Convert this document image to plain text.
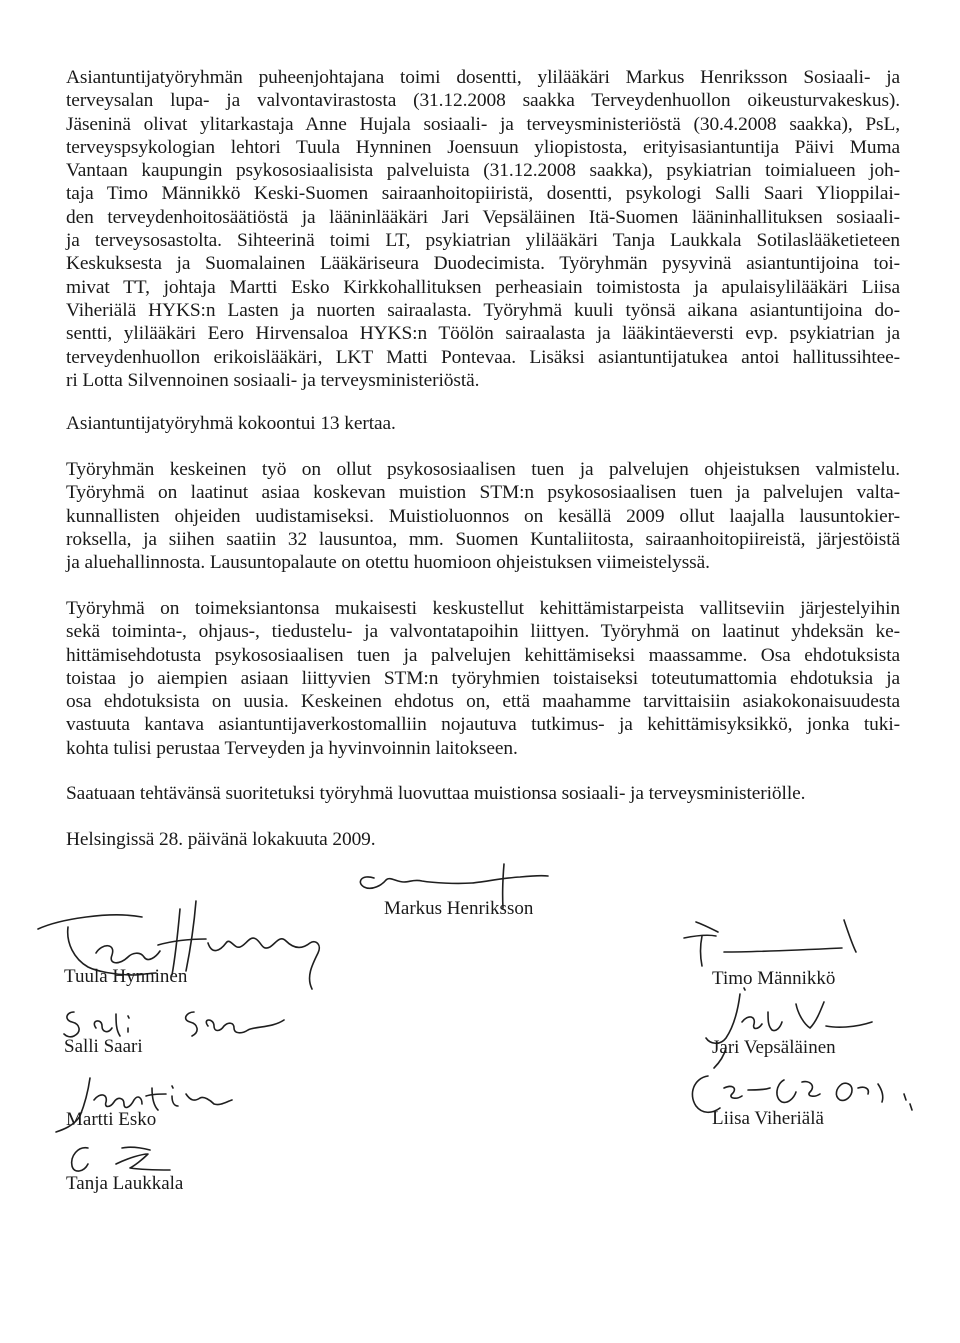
Asiantuntijatyöryhmän puheenjohtajana toimi dosentti, ylilääkäri Markus Henriksson Sosiaali- ja
terveysalan lupa- ja valvontavirastosta (31.12.2008 saakka Terveydenhuollon oikeusturvakeskus).
Jäseninä olivat ylitarkastaja Anne Hujala sosiaali- ja terveysministeriöstä (30.4.2008 saakka), PsL,
terveyspsykologian lehtori Tuula Hynninen Joensuun yliopistosta, erityisasiantuntija Päivi Muma
Vantaan kaupungin psykososiaalisista palveluista (31.12.2008 saakka), psykiatrian toimialueen joh-
taja Timo Männikkö Keski-Suomen sairaanhoitopiiristä, dosentti, psykologi Salli Saari Ylioppilai-
den terveydenhoitosäätiöstä ja lääninlääkäri Jari Vepsäläinen Itä-Suomen lääninhallituksen sosiaali-
ja terveysosastolta. Sihteerinä toimi LT, psykiatrian ylilääkäri Tanja Laukkala Sotilaslääketieteen
Keskuksesta ja Suomalainen Lääkäriseura Duodecimista. Työryhmän pysyvinä asiantuntijoina toi-
mivat TT, johtaja Martti Esko Kirkkohallituksen perheasiain toimistosta ja apulaisylilääkäri Liisa
Viheriälä HYKS:n Lasten ja nuorten sairaalasta. Työryhmä kuuli työnsä aikana asiantuntijoina do-
sentti, ylilääkäri Eero Hirvensaloa HYKS:n Töölön sairaalasta ja lääkintäeversti evp. psykiatrian ja
terveydenhuollon erikoislääkäri, LKT Matti Pontevaa. Lisäksi asiantuntijatukea antoi hallitussihtee-
ri Lotta Silvennoinen sosiaali- ja terveysministeriöstä.
Asiantuntijatyöryhmä kokoontui 13 kertaa.
Työryhmän keskeinen työ on ollut psykososiaalisen tuen ja palvelujen ohjeistuksen valmistelu.
Työryhmä on laatinut asiaa koskevan muistion STM:n psykososiaalisen tuen ja palvelujen valta-
kunnallisten ohjeiden uudistamiseksi. Muistioluonnos on kesällä 2009 ollut laajalla lausuntokier-
roksella, ja siihen saatiin 32 lausuntoa, mm. Suomen Kuntaliitosta, sairaanhoitopiireistä, järjestöistä
ja aluehallinnosta. Lausuntopalaute on otettu huomioon ohjeistuksen viimeistelyssä.
Työryhmä on toimeksiantonsa mukaisesti keskustellut kehittämistarpeista vallitseviin järjestelyihin
sekä toiminta-, ohjaus-, tiedustelu- ja valvontatapoihin liittyen. Työryhmä on laatinut yhdeksän ke-
hittämisehdotusta psykososiaalisen tuen ja palvelujen kehittämiseksi maassamme. Osa ehdotuksista
toistaa jo aiempien asiaan liittyvien STM:n työryhmien toistaiseksi toteutumattomia ehdotuksia ja
osa ehdotuksista on uusia. Keskeinen ehdotus on, että maahamme tarvittaisiin asiakokonaisuudesta
vastuuta kantava asiantuntijaverkostomalliin nojautuva tutkimus- ja kehittämisyksikkö, jonka tuki-
kohta tulisi perustaa Terveyden ja hyvinvoinnin laitokseen.
Saatuaan tehtävänsä suoritetuksi työryhmä luovuttaa muistionsa sosiaali- ja terveysministeriölle.
Helsingissä 28. päivänä lokakuuta 2009.
Markus Henriksson
Tuula Hynninen	Timo Männikkö
Salli Saari	Jari Vepsäläinen
Martti Esko	Liisa Viheriälä
Tanja Laukkala
